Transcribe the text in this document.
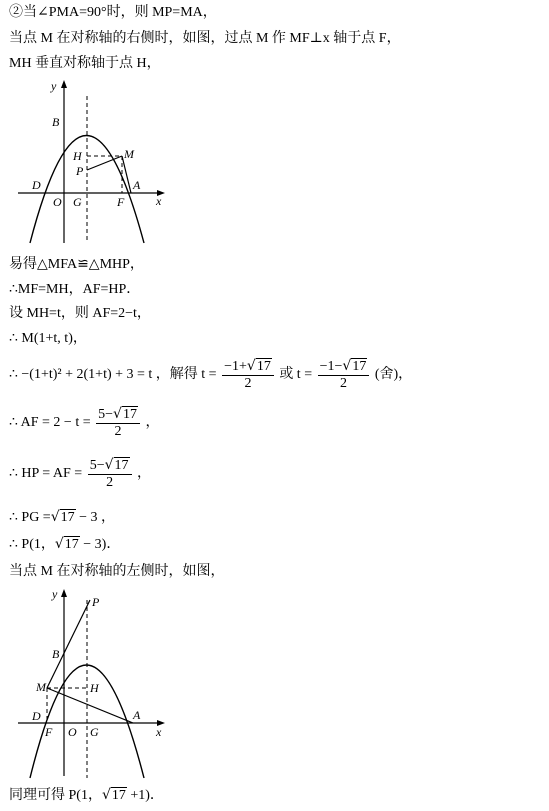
②当∠PMA=90°时，则 MP=MA，
当点 M 在对称轴的右侧时，如图，过点 M 作 MF⊥x 轴于点 F，
MH 垂直对称轴于点 H，
y
x
B
H	M
P
D	A
O G	F
易得△MFA≌△MHP，
∴MF=MH，AF=HP．
设 MH=t，则 AF=2−t，
∴ M(1+t, t)，
∴ −(1+t)² + 2(1+t) + 3 = t ，解得 $t = \frac{-1+√17}{2}$ 或 $t = \frac{-1-√17}{2}$ (舍)，
∴ AF = $2 - t = \frac{5-√17}{2}$ ，
∴ HP = AF = $\frac{5-√17}{2}$ ，
∴ PG =√17 − 3 ，
∴ P(1，√17 − 3)．
当点 M 在对称轴的左侧时，如图，
y
P
x
B
M	H
D	A
F O G
同理可得 P(1，√17 +1)．
